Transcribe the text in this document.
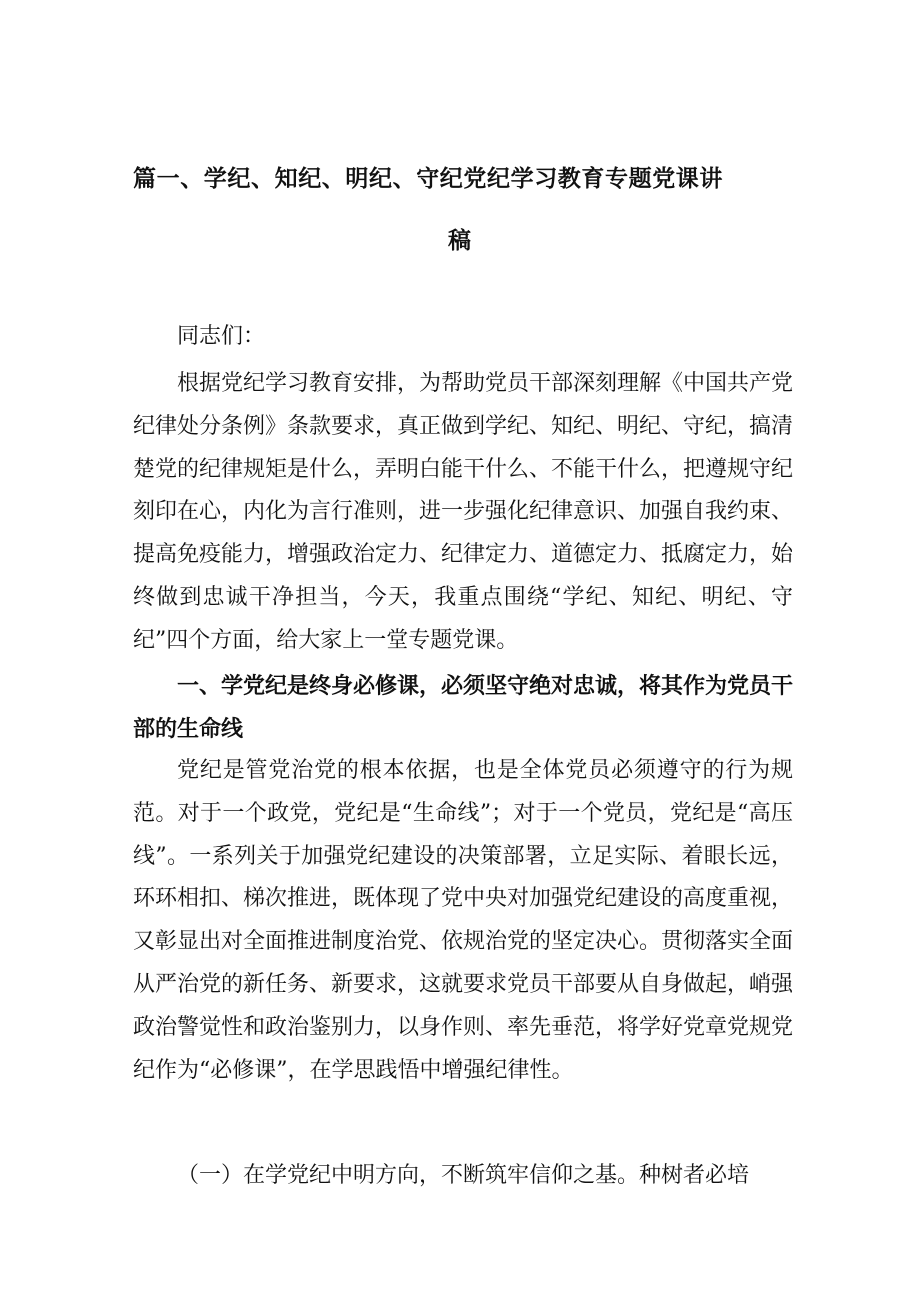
篇一、学纪、知纪、明纪、守纪党纪学习教育专题党课讲
稿

同志们：

根据党纪学习教育安排，为帮助党员干部深刻理解《中国共产党纪律处分条例》条款要求，真正做到学纪、知纪、明纪、守纪，搞清楚党的纪律规矩是什么，弄明白能干什么、不能干什么，把遵规守纪刻印在心，内化为言行准则，进一步强化纪律意识、加强自我约束、提高免疫能力，增强政治定力、纪律定力、道德定力、抵腐定力，始终做到忠诚干净担当，今天，我重点围绕“学纪、知纪、明纪、守纪”四个方面，给大家上一堂专题党课。

一、学党纪是终身必修课，必须坚守绝对忠诚，将其作为党员干部的生命线

党纪是管党治党的根本依据，也是全体党员必须遵守的行为规范。对于一个政党，党纪是“生命线”；对于一个党员，党纪是“高压线”。一系列关于加强党纪建设的决策部署，立足实际、着眼长远，环环相扣、梯次推进，既体现了党中央对加强党纪建设的高度重视，又彰显出对全面推进制度治党、依规治党的坚定决心。贯彻落实全面从严治党的新任务、新要求，这就要求党员干部要从自身做起，峭强政治警觉性和政治鉴别力，以身作则、率先垂范，将学好党章党规党纪作为“必修课”，在学思践悟中增强纪律性。

（一）在学党纪中明方向，不断筑牢信仰之基。种树者必培
